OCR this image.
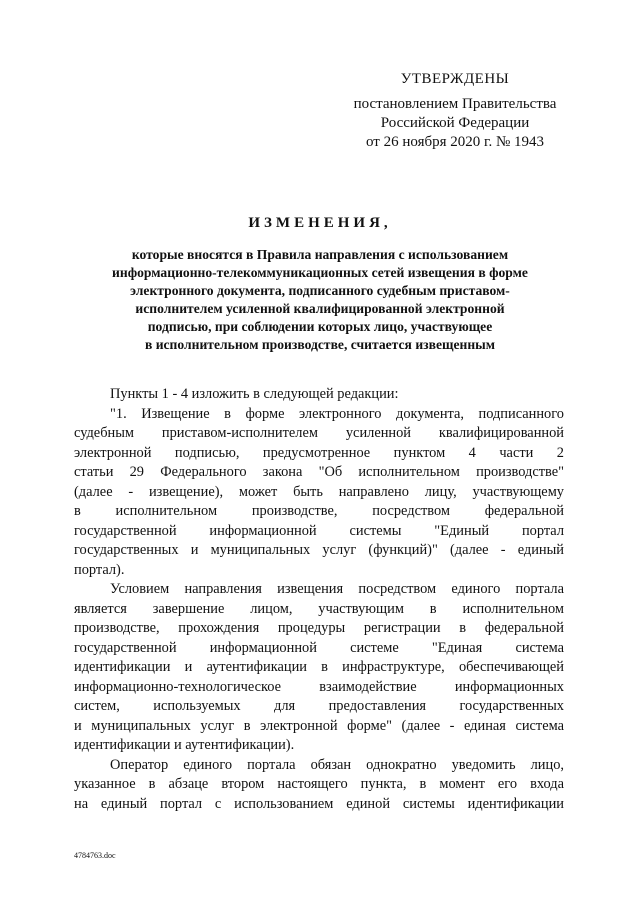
УТВЕРЖДЕНЫ
постановлением Правительства
Российской Федерации
от 26 ноября 2020 г. № 1943
ИЗМЕНЕНИЯ,
которые вносятся в Правила направления с использованием
информационно-телекоммуникационных сетей извещения в форме
электронного документа, подписанного судебным приставом-
исполнителем усиленной квалифицированной электронной
подписью, при соблюдении которых лицо, участвующее
в исполнительном производстве, считается извещенным
Пункты 1 - 4 изложить в следующей редакции:
"1. Извещение в форме электронного документа, подписанного
судебным приставом-исполнителем усиленной квалифицированной
электронной подписью, предусмотренное пунктом 4 части 2
статьи 29 Федерального закона "Об исполнительном производстве"
(далее - извещение), может быть направлено лицу, участвующему
в исполнительном производстве, посредством федеральной
государственной информационной системы "Единый портал
государственных и муниципальных услуг (функций)" (далее - единый
портал).
Условием направления извещения посредством единого портала
является завершение лицом, участвующим в исполнительном
производстве, прохождения процедуры регистрации в федеральной
государственной информационной системе "Единая система
идентификации и аутентификации в инфраструктуре, обеспечивающей
информационно-технологическое взаимодействие информационных
систем, используемых для предоставления государственных
и муниципальных услуг в электронной форме" (далее - единая система
идентификации и аутентификации).
Оператор единого портала обязан однократно уведомить лицо,
указанное в абзаце втором настоящего пункта, в момент его входа
на единый портал с использованием единой системы идентификации
4784763.doc
